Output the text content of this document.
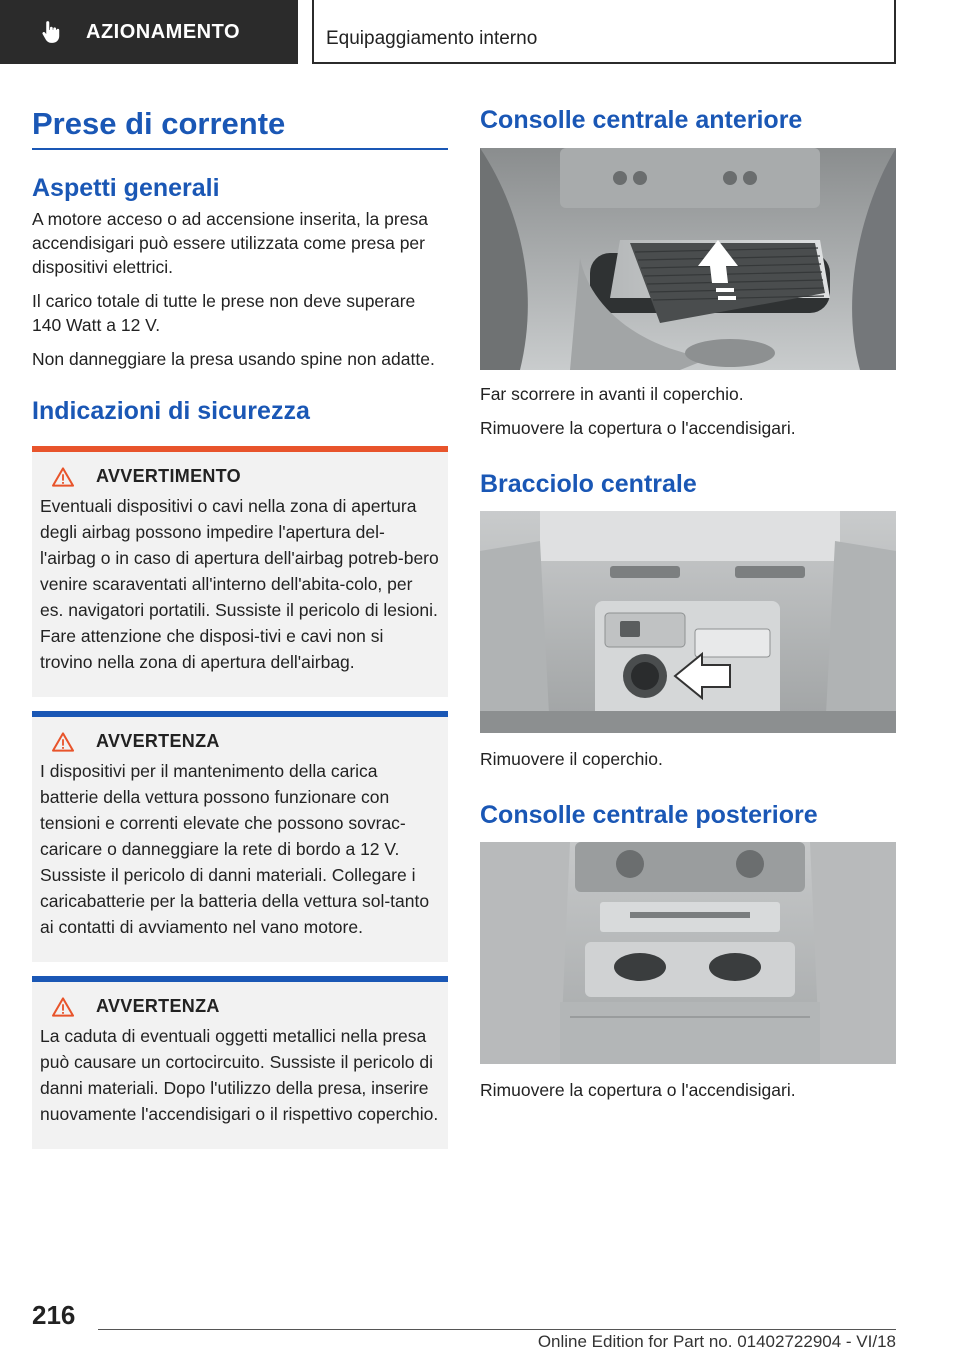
AZIONAMENTO	Equipaggiamento interno
Prese di corrente
Aspetti generali

A motore acceso o ad accensione inserita, la presa accendisigari può essere utilizzata come presa per dispositivi elettrici.

Il carico totale di tutte le prese non deve superare 140 Watt a 12 V.

Non danneggiare la presa usando spine non adatte.

Indicazioni di sicurezza
AVVERTIMENTO
Eventuali dispositivi o cavi nella zona di apertura degli airbag possono impedire l'apertura del-l'airbag o in caso di apertura dell'airbag potreb-bero venire scaraventati all'interno dell'abita-colo, per es. navigatori portatili. Sussiste il pericolo di lesioni. Fare attenzione che disposi-tivi e cavi non si trovino nella zona di apertura dell'airbag.
AVVERTENZA
I dispositivi per il mantenimento della carica batterie della vettura possono funzionare con tensioni e correnti elevate che possono sovrac-caricare o danneggiare la rete di bordo a 12 V. Sussiste il pericolo di danni materiali. Collegare i caricabatterie per la batteria della vettura sol-tanto ai contatti di avviamento nel vano motore.
AVVERTENZA
La caduta di eventuali oggetti metallici nella presa può causare un cortocircuito. Sussiste il pericolo di danni materiali. Dopo l'utilizzo della presa, inserire nuovamente l'accendisigari o il rispettivo coperchio.
Consolle centrale anteriore

Far scorrere in avanti il coperchio.

Rimuovere la copertura o l'accendisigari.

Bracciolo centrale

Rimuovere il coperchio.

Consolle centrale posteriore

Rimuovere la copertura o l'accendisigari.

216
Online Edition for Part no. 01402722904 - VI/18
